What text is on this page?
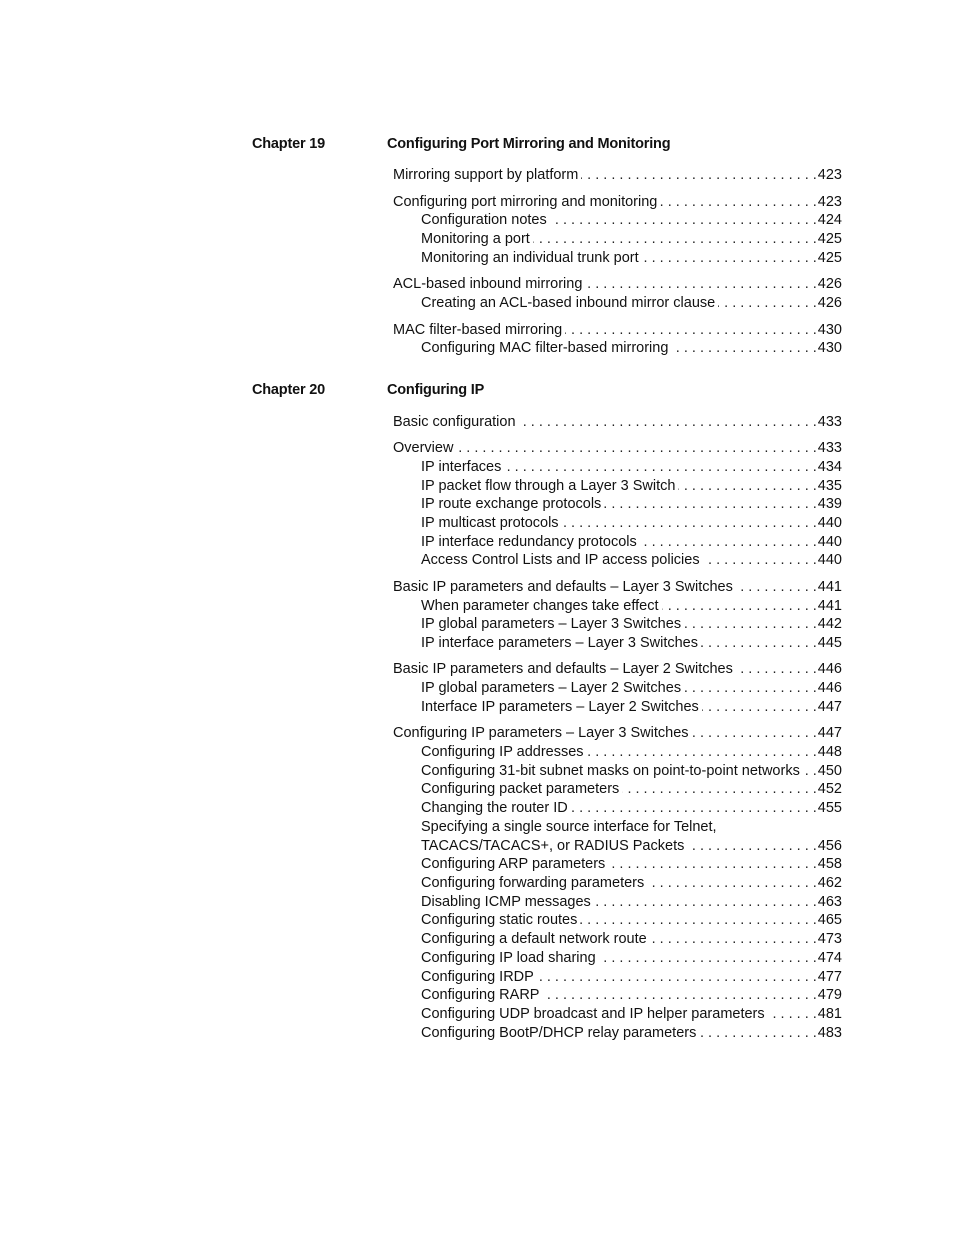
Chapter 19	Configuring Port Mirroring and Monitoring
Mirroring support by platform . . .	423
Configuring port mirroring and monitoring . . .	423
Configuration notes . . .	424
Monitoring a port . . .	425
Monitoring an individual trunk port . . .	425
ACL-based inbound mirroring . . .	426
Creating an ACL-based inbound mirror clause . . .	426
MAC filter-based mirroring . . .	430
Configuring MAC filter-based mirroring . . .	430
Chapter 20	Configuring IP
Basic configuration . . .	433
Overview . . .	433
IP interfaces . . .	434
IP packet flow through a Layer 3 Switch . . .	435
IP route exchange protocols . . .	439
IP multicast protocols . . .	440
IP interface redundancy protocols . . .	440
Access Control Lists and IP access policies . . .	440
Basic IP parameters and defaults – Layer 3 Switches . . .	441
When parameter changes take effect . . .	441
IP global parameters – Layer 3 Switches . . .	442
IP interface parameters – Layer 3 Switches . . .	445
Basic IP parameters and defaults – Layer 2 Switches . . .	446
IP global parameters – Layer 2 Switches . . .	446
Interface IP parameters – Layer 2 Switches . . .	447
Configuring IP parameters – Layer 3 Switches . . .	447
Configuring IP addresses . . .	448
Configuring 31-bit subnet masks on point-to-point networks . . . 450
Configuring packet parameters . . .	452
Changing the router ID . . .	455
Specifying a single source interface for Telnet,
TACACS/TACACS+, or RADIUS Packets . . .	456
Configuring ARP parameters . . .	458
Configuring forwarding parameters . . .	462
Disabling ICMP messages . . .	463
Configuring static routes . . .	465
Configuring a default network route . . .	473
Configuring IP load sharing . . .	474
Configuring IRDP . . .	477
Configuring RARP . . .	479
Configuring UDP broadcast and IP helper parameters . . .	481
Configuring BootP/DHCP relay parameters . . .	483
